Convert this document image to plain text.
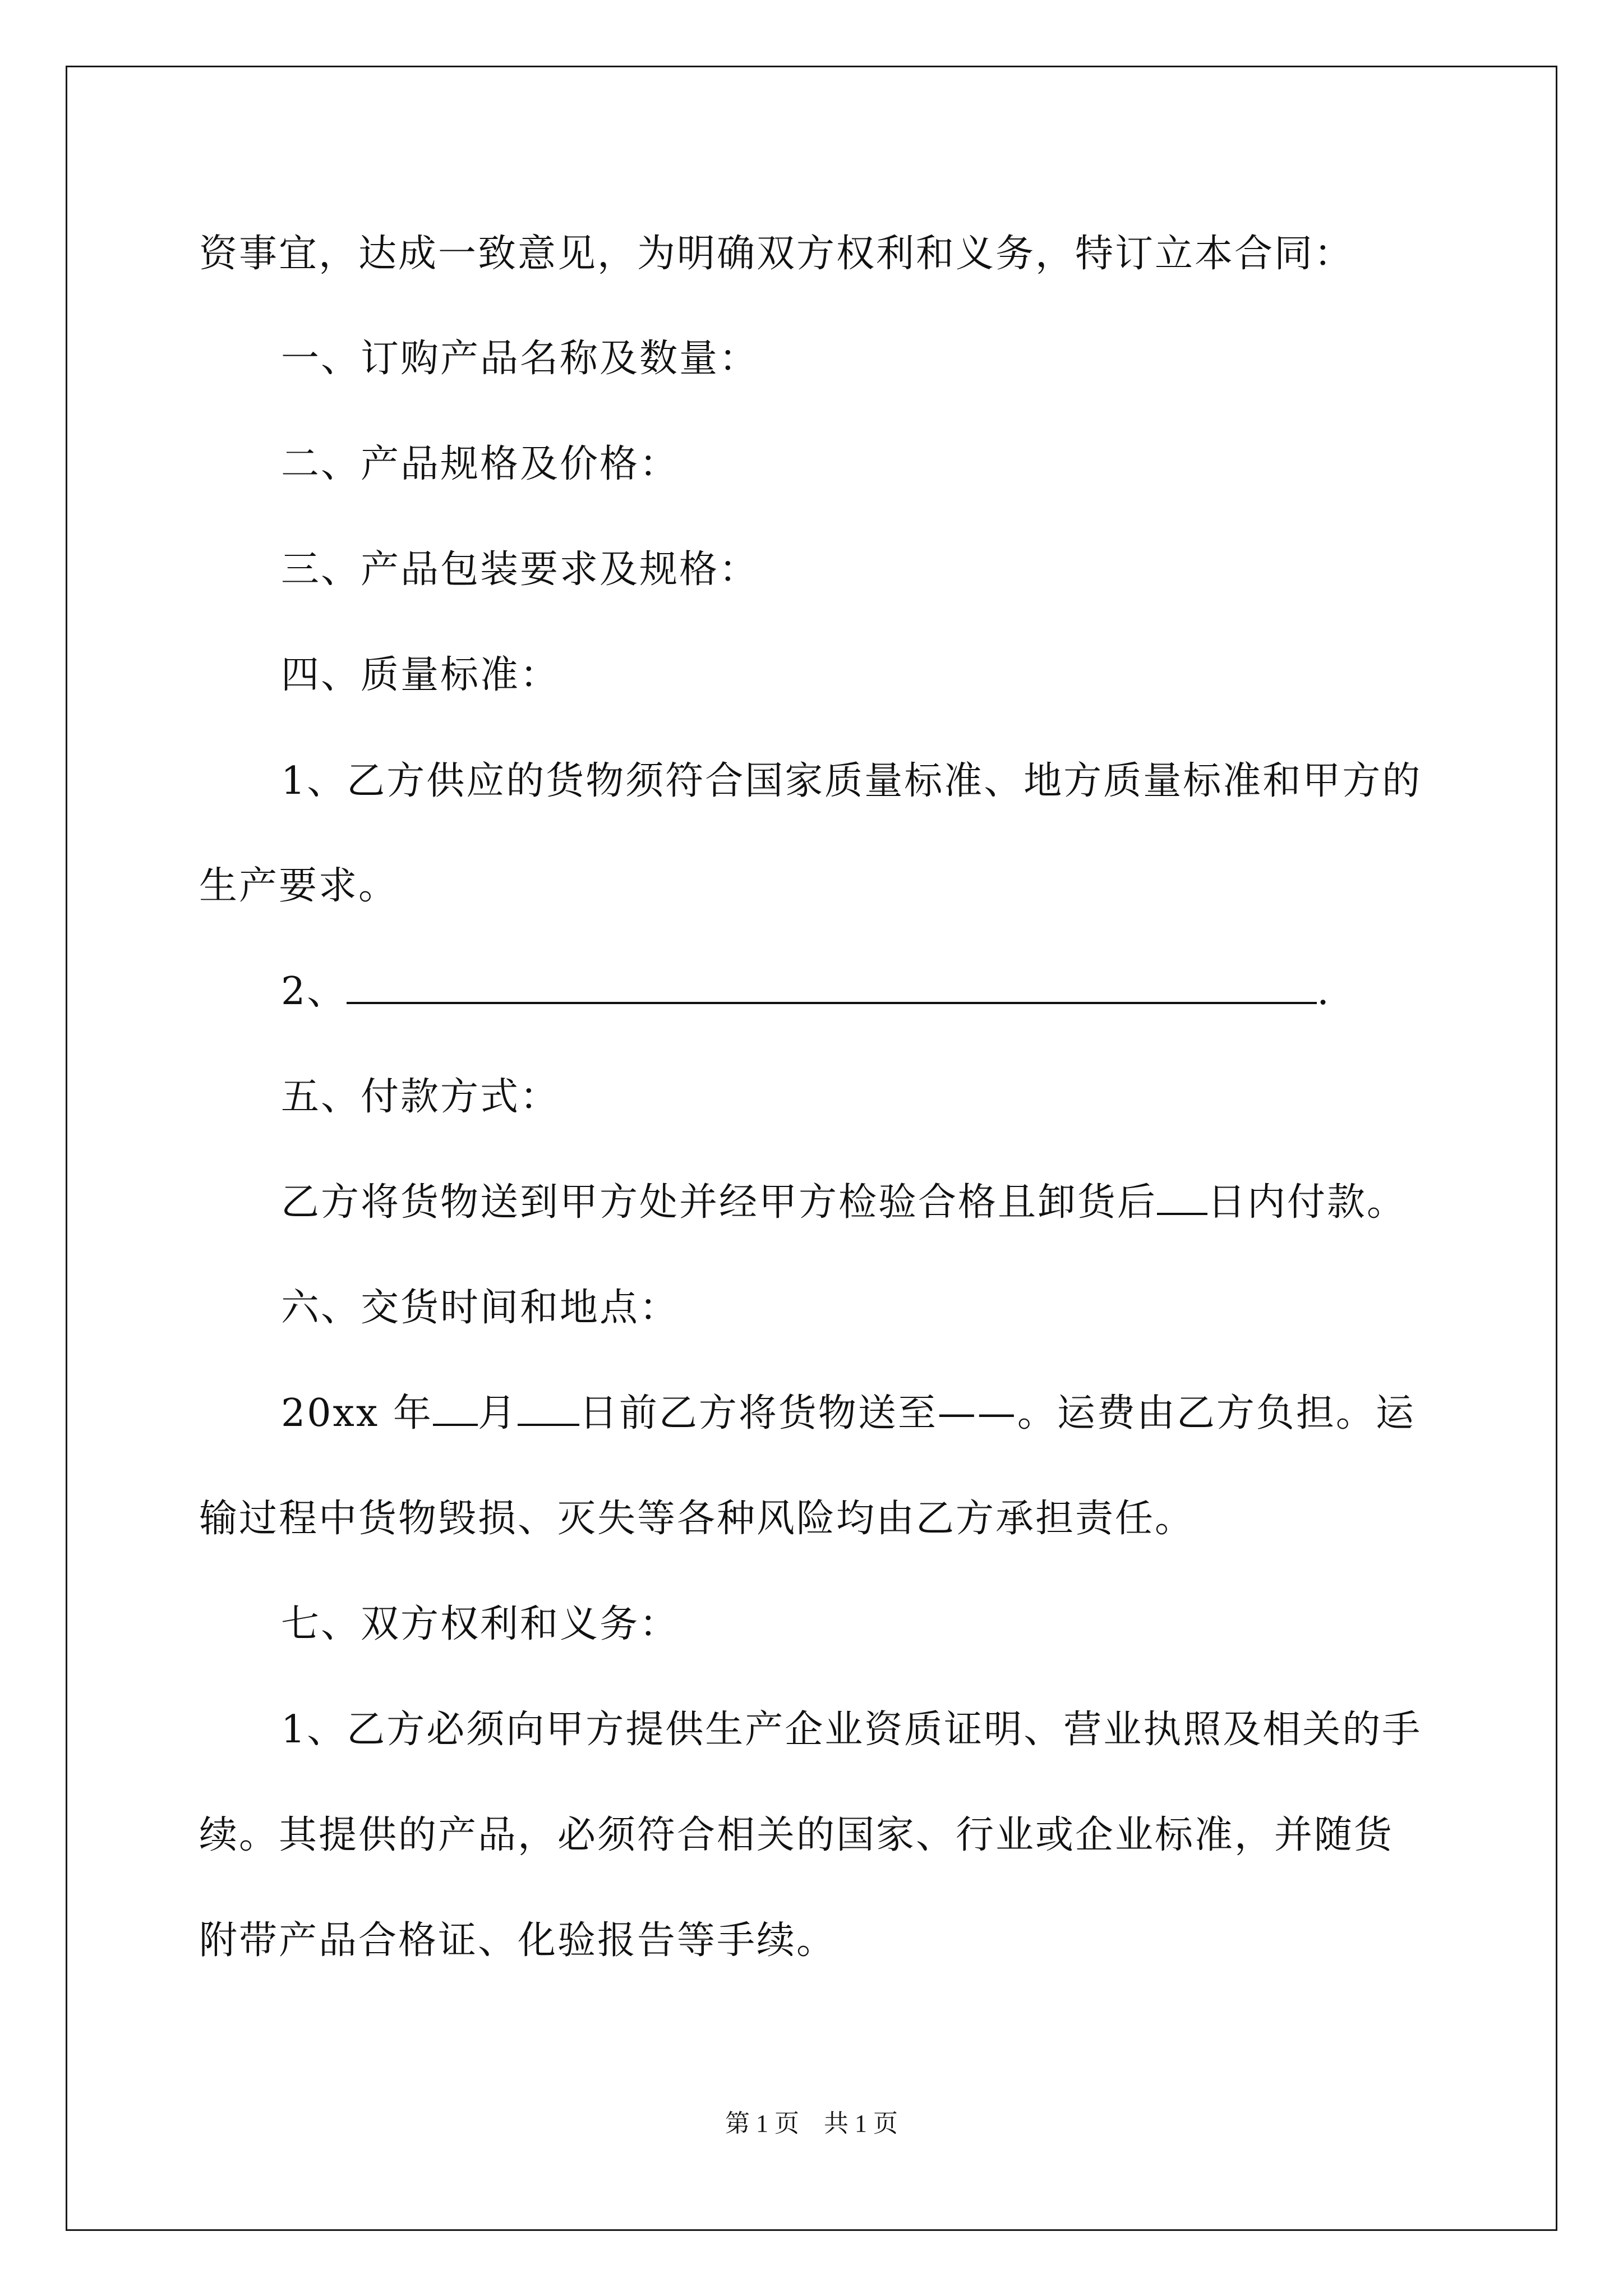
资事宜，达成一致意见，为明确双方权利和义务，特订立本合同：
一、订购产品名称及数量：
二、产品规格及价格：
三、产品包装要求及规格：
四、质量标准：
1、乙方供应的货物须符合国家质量标准、地方质量标准和甲方的
生产要求。
2、	.
五、付款方式：
乙方将货物送到甲方处并经甲方检验合格且卸货后 日内付款。
六、交货时间和地点：
20xx 年 月 日前乙方将货物送至——。运费由乙方负担。运
输过程中货物毁损、灭失等各种风险均由乙方承担责任。
七、双方权利和义务：
1、乙方必须向甲方提供生产企业资质证明、营业执照及相关的手
续。其提供的产品，必须符合相关的国家、行业或企业标准，并随货
附带产品合格证、化验报告等手续。
第 1 页　共 1 页
